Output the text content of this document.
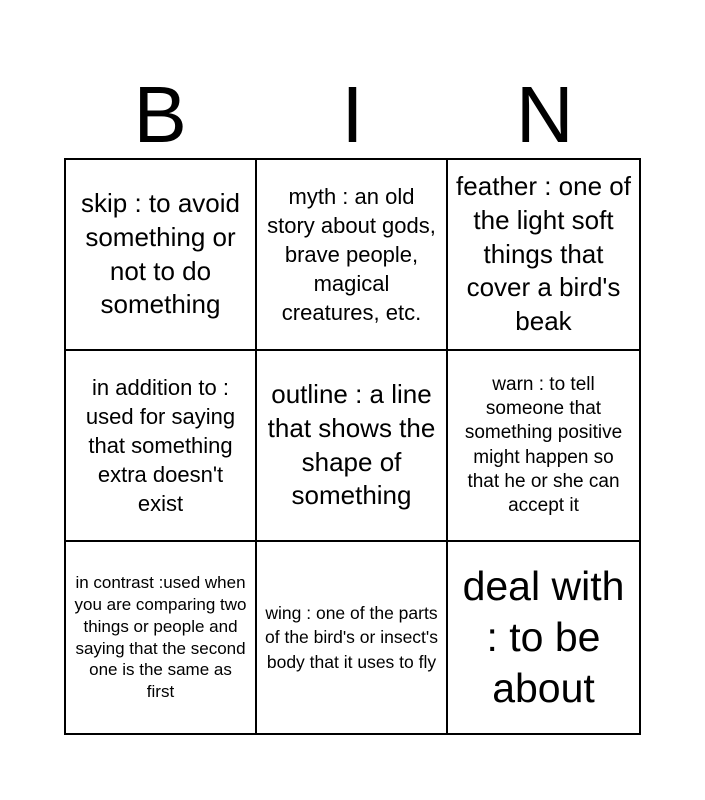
B	I	N
skip : to avoid something or not to do something
myth : an old story about gods, brave people, magical creatures, etc.
feather : one of the light soft things that cover a bird's beak
in addition to : used for saying that something extra doesn't exist
outline : a line that shows the shape of something
warn : to tell someone that something positive might happen so that he or she can accept it
in contrast :used when you are comparing two things or people and saying that the second one is the same as first
wing : one of the parts of the bird's or insect's body that it uses to fly
deal with : to be about
